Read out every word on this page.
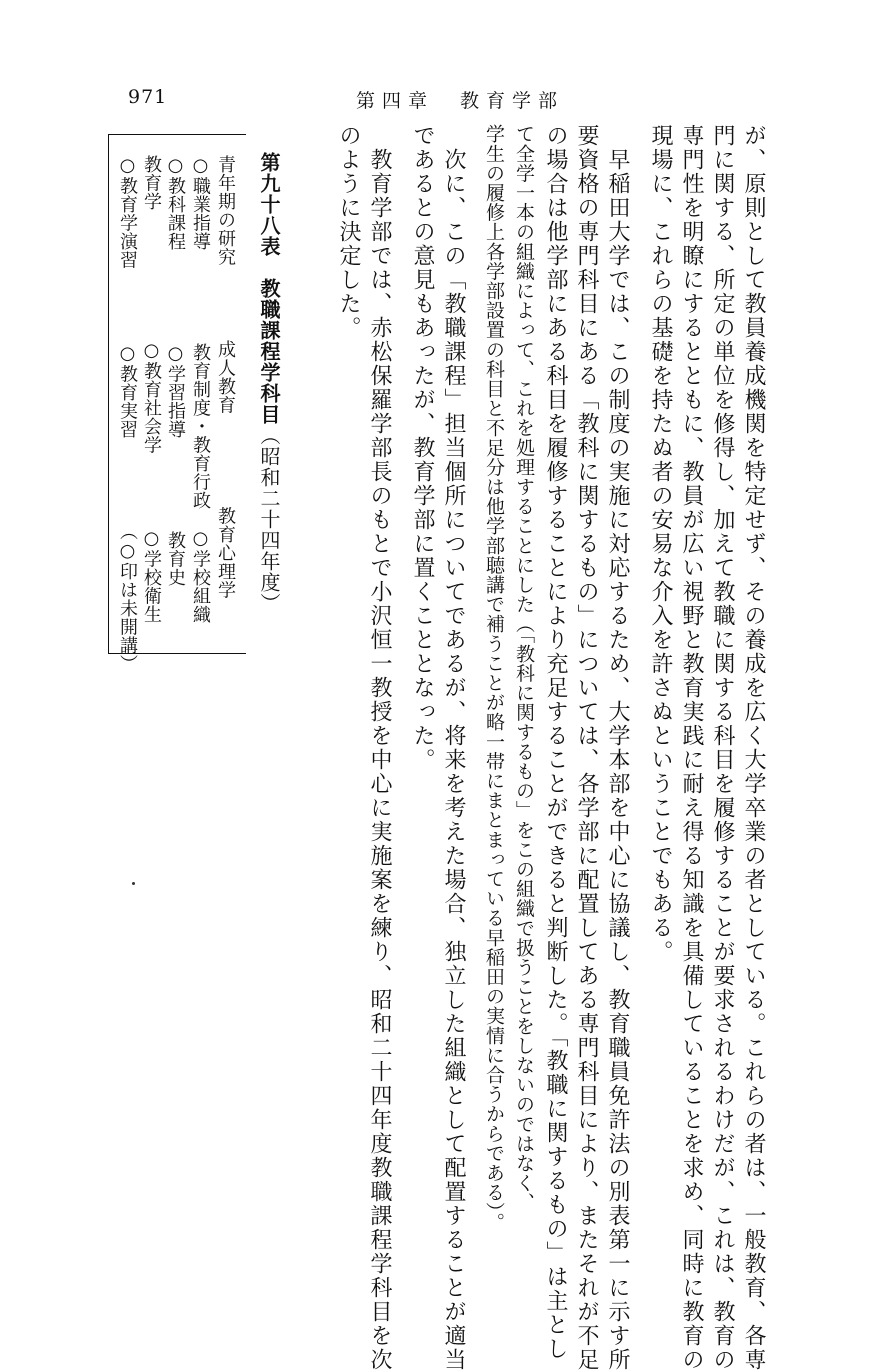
971	第四章　教育学部
が、原則として教員養成機関を特定せず、その養成を広く大学卒業の者としている。これらの者は、一般教育、各専
門に関する、所定の単位を修得し、加えて教職に関する科目を履修することが要求されるわけだが、これは、教育の
専門性を明瞭にするとともに、教員が広い視野と教育実践に耐え得る知識を具備していることを求め、同時に教育の
現場に、これらの基礎を持たぬ者の安易な介入を許さぬということでもある。
　早稲田大学では、この制度の実施に対応するため、大学本部を中心に協議し、教育職員免許法の別表第一に示す所
要資格の専門科目にある「教科に関するもの」については、各学部に配置してある専門科目により、またそれが不足
の場合は他学部にある科目を履修することにより充足することができると判断した。「教職に関するもの」は主とし
て全学一本の組織によって、これを処理することにした（「教科に関するもの」をこの組織で扱うことをしないのではなく、
学生の履修上各学部設置の科目と不足分は他学部聴講で補うことが略一帯にまとまっている早稲田の実情に合うからである）。
　次に、この「教職課程」担当個所についてであるが、将来を考えた場合、独立した組織として配置することが適当
であるとの意見もあったが、教育学部に置くこととなった。
　教育学部では、赤松保羅学部長のもとで小沢恒一教授を中心に実施案を練り、昭和二十四年度教職課程学科目を次
のように決定した。
第九十八表　教職課程学科目（昭和二十四年度）
青年期の研究　　　　成人教育　　　　　教育心理学
○職業指導　　　　　教育制度・教育行政　○学校組織
○教科課程　　　　　○学習指導　　　　　教育史
教育学　　　　　　　○教育社会学　　　　○学校衛生
○教育学演習　　　　○教育実習　　　　　（○印は未開講）
